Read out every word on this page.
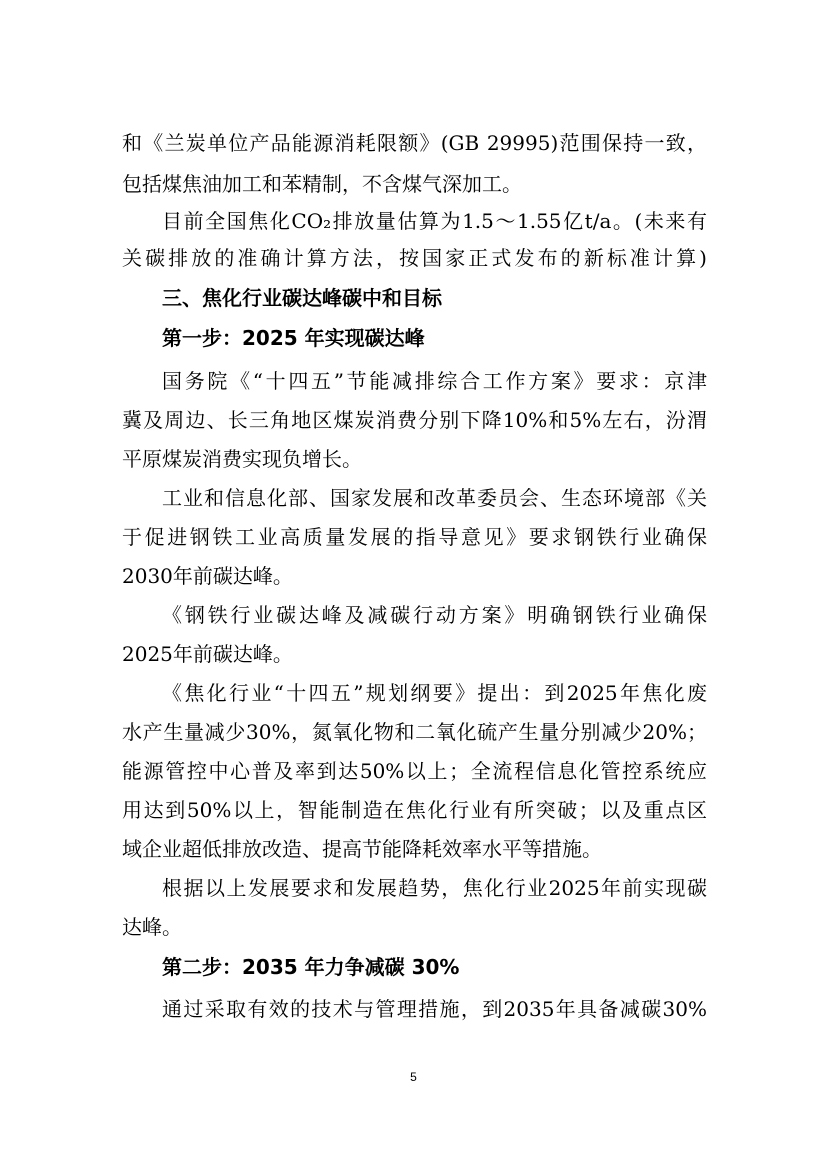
和《兰炭单位产品能源消耗限额》(GB 29995)范围保持一致，
包括煤焦油加工和苯精制，不含煤气深加工。
目前全国焦化CO₂排放量估算为1.5～1.55亿t/a。(未来有
关碳排放的准确计算方法，按国家正式发布的新标准计算)
三、焦化行业碳达峰碳中和目标
第一步：2025 年实现碳达峰
国务院《“十四五”节能减排综合工作方案》要求：京津
冀及周边、长三角地区煤炭消费分别下降10%和5%左右，汾渭
平原煤炭消费实现负增长。
工业和信息化部、国家发展和改革委员会、生态环境部《关
于促进钢铁工业高质量发展的指导意见》要求钢铁行业确保
2030年前碳达峰。
《钢铁行业碳达峰及减碳行动方案》明确钢铁行业确保
2025年前碳达峰。
《焦化行业“十四五”规划纲要》提出：到2025年焦化废
水产生量减少30%，氮氧化物和二氧化硫产生量分别减少20%；
能源管控中心普及率到达50%以上；全流程信息化管控系统应
用达到50%以上，智能制造在焦化行业有所突破；以及重点区
域企业超低排放改造、提高节能降耗效率水平等措施。
根据以上发展要求和发展趋势，焦化行业2025年前实现碳
达峰。
第二步：2035 年力争减碳 30%
通过采取有效的技术与管理措施，到2035年具备减碳30%
5
